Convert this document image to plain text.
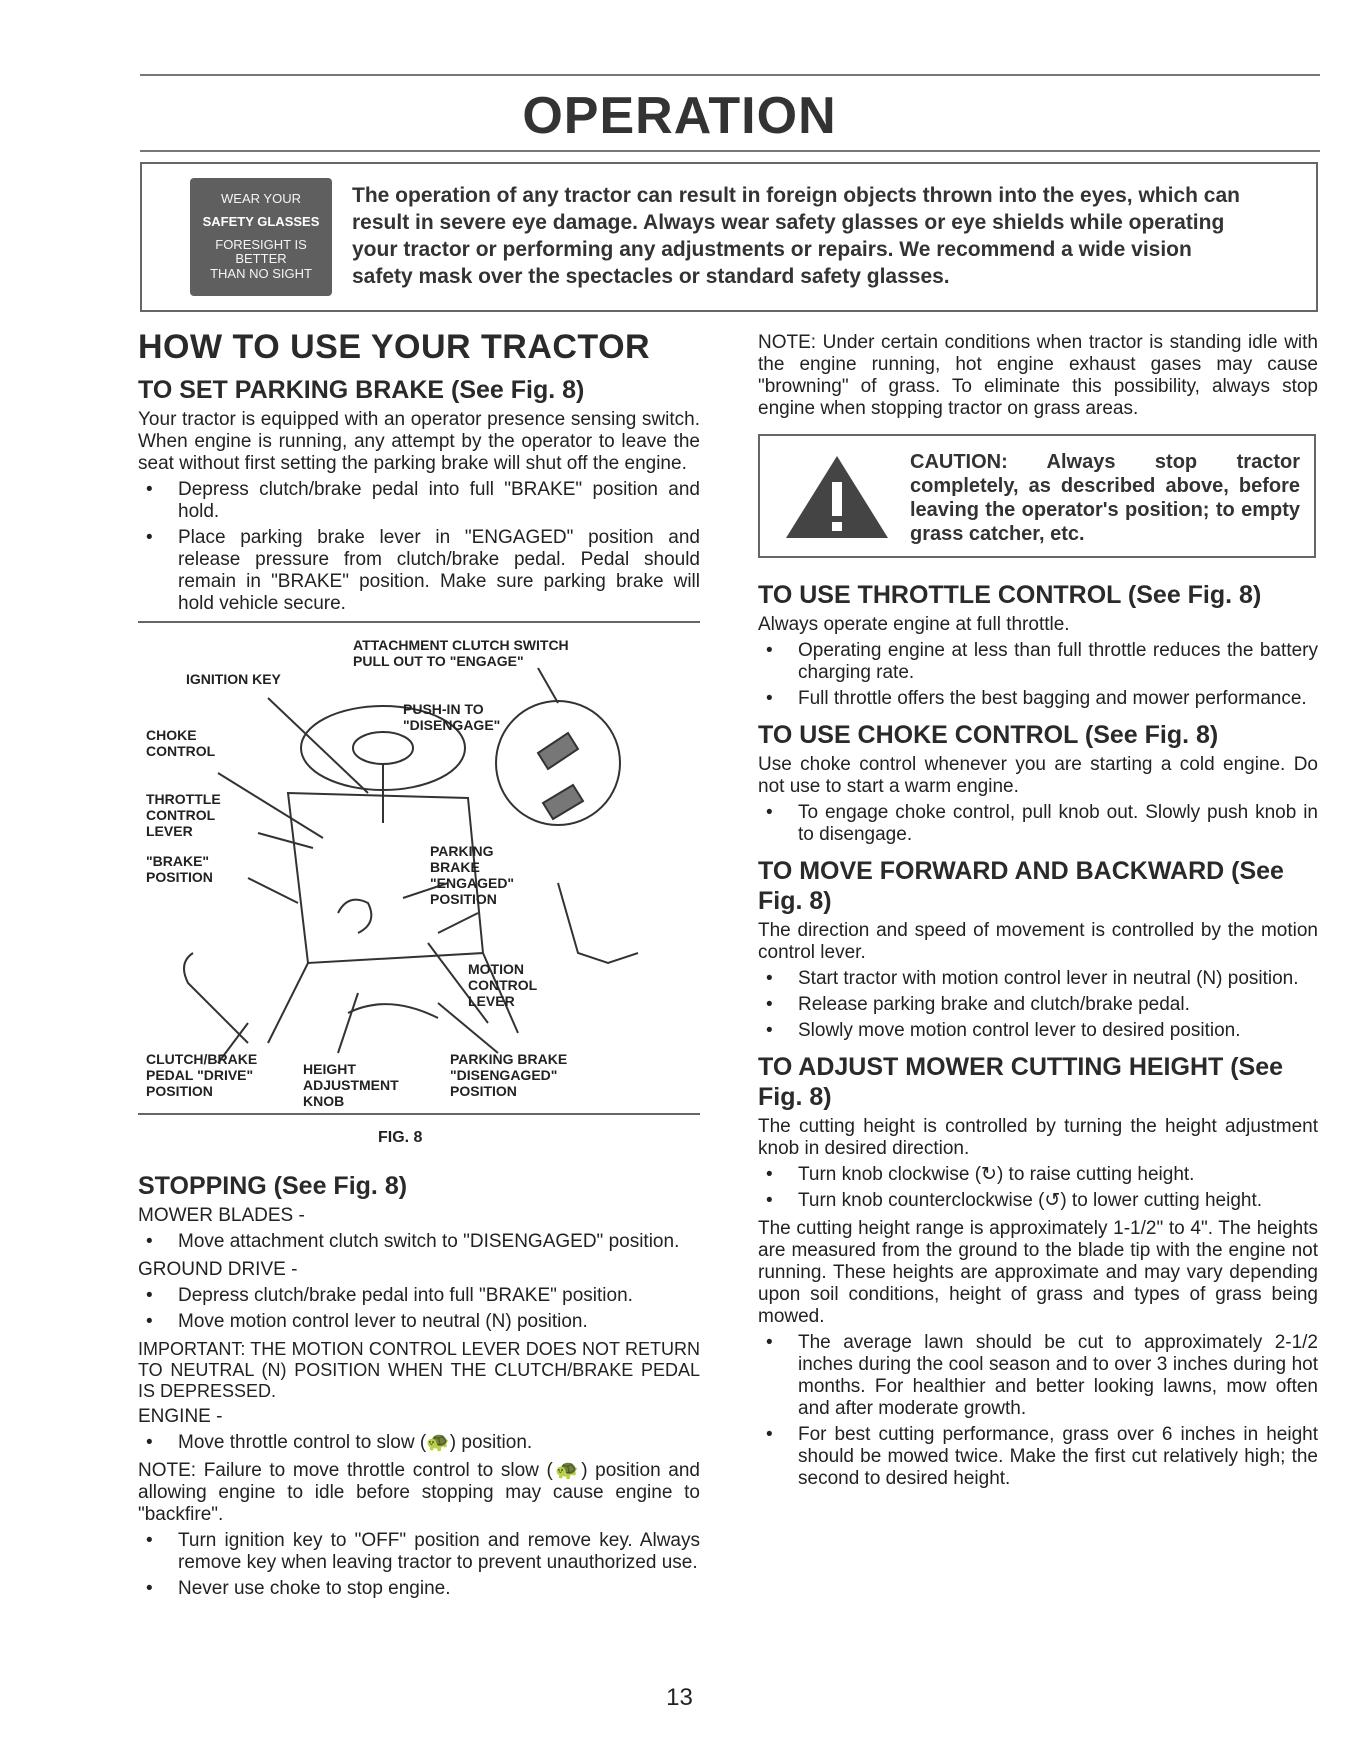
OPERATION
WEAR YOUR
SAFETY GLASSES
FORESIGHT IS BETTER
THAN NO SIGHT
The operation of any tractor can result in foreign objects thrown into the eyes, which can result in severe eye damage. Always wear safety glasses or eye shields while operating your tractor or performing any adjustments or repairs. We recommend a wide vision safety mask over the spectacles or standard safety glasses.
HOW TO USE YOUR TRACTOR
TO SET PARKING BRAKE (See Fig. 8)

Your tractor is equipped with an operator presence sensing switch. When engine is running, any attempt by the operator to leave the seat without first setting the parking brake will shut off the engine.

• Depress clutch/brake pedal into full "BRAKE" position and hold.
• Place parking brake lever in "ENGAGED" position and release pressure from clutch/brake pedal. Pedal should remain in "BRAKE" position. Make sure parking brake will hold vehicle secure.
ATTACHMENT CLUTCH SWITCH
PULL OUT TO "ENGAGE"
IGNITION KEY
PUSH-IN TO
"DISENGAGE"
CHOKE
CONTROL
THROTTLE
CONTROL
LEVER
"BRAKE"
POSITION
PARKING
BRAKE
"ENGAGED"
POSITION
MOTION
CONTROL
LEVER
CLUTCH/BRAKE
PEDAL "DRIVE"
POSITION
HEIGHT
ADJUSTMENT
KNOB
PARKING BRAKE
"DISENGAGED"
POSITION
FIG. 8
STOPPING (See Fig. 8)
MOWER BLADES -
• Move attachment clutch switch to "DISENGAGED" position.
GROUND DRIVE -
• Depress clutch/brake pedal into full "BRAKE" position.
• Move motion control lever to neutral (N) position.

IMPORTANT: THE MOTION CONTROL LEVER DOES NOT RETURN TO NEUTRAL (N) POSITION WHEN THE CLUTCH/BRAKE PEDAL IS DEPRESSED.

ENGINE -
• Move throttle control to slow (🐢) position.

NOTE: Failure to move throttle control to slow (🐢) position and allowing engine to idle before stopping may cause engine to "backfire".

• Turn ignition key to "OFF" position and remove key. Always remove key when leaving tractor to prevent unauthorized use.
• Never use choke to stop engine.

NOTE: Under certain conditions when tractor is standing idle with the engine running, hot engine exhaust gases may cause "browning" of grass. To eliminate this possibility, always stop engine when stopping tractor on grass areas.

CAUTION: Always stop tractor completely, as described above, before leaving the operator's position; to empty grass catcher, etc.
TO USE THROTTLE CONTROL (See Fig. 8)

Always operate engine at full throttle.

• Operating engine at less than full throttle reduces the battery charging rate.
• Full throttle offers the best bagging and mower performance.
TO USE CHOKE CONTROL (See Fig. 8)

Use choke control whenever you are starting a cold engine. Do not use to start a warm engine.

• To engage choke control, pull knob out. Slowly push knob in to disengage.
TO MOVE FORWARD AND BACKWARD (See Fig. 8)

The direction and speed of movement is controlled by the motion control lever.

• Start tractor with motion control lever in neutral (N) position.
• Release parking brake and clutch/brake pedal.
• Slowly move motion control lever to desired position.
TO ADJUST MOWER CUTTING HEIGHT (See Fig. 8)

The cutting height is controlled by turning the height adjustment knob in desired direction.

• Turn knob clockwise (↻) to raise cutting height.
• Turn knob counterclockwise (↺) to lower cutting height.

The cutting height range is approximately 1-1/2" to 4". The heights are measured from the ground to the blade tip with the engine not running. These heights are approximate and may vary depending upon soil conditions, height of grass and types of grass being mowed.

• The average lawn should be cut to approximately 2-1/2 inches during the cool season and to over 3 inches during hot months. For healthier and better looking lawns, mow often and after moderate growth.
• For best cutting performance, grass over 6 inches in height should be mowed twice. Make the first cut relatively high; the second to desired height.
13
